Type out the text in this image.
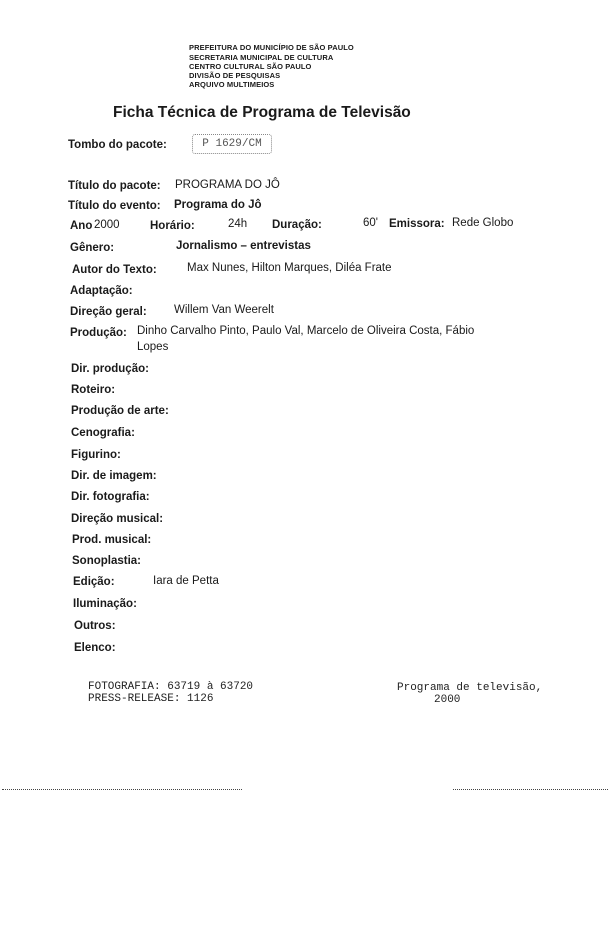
PREFEITURA DO MUNICÍPIO DE SÃO PAULO
SECRETARIA MUNICIPAL DE CULTURA
CENTRO CULTURAL SÃO PAULO
DIVISÃO DE PESQUISAS
ARQUIVO MULTIMEIOS
Ficha Técnica de Programa de Televisão
Tombo do pacote:	P 1629/CM
Título do pacote: PROGRAMA DO JÔ
Título do evento: Programa do Jô
Ano 2000	Horário:	24h Duração:	60' Emissora: Rede Globo
Gênero:	Jornalismo – entrevistas
Autor do Texto:	Max Nunes, Hilton Marques, Diléa Frate
Adaptação:
Direção geral: Willem Van Weerelt
Produção: Dinho Carvalho Pinto, Paulo Val, Marcelo de Oliveira Costa, Fábio
Lopes
Dir. produção:
Roteiro:
Produção de arte:
Cenografia:
Figurino:
Dir. de imagem:
Dir. fotografia:
Direção musical:
Prod. musical:
Sonoplastia:
Edição:	Iara de Petta
Iluminação:
Outros:
Elenco:
FOTOGRAFIA: 63719 à 63720
PRESS-RELEASE: 1126
Programa de televisão,
2000
